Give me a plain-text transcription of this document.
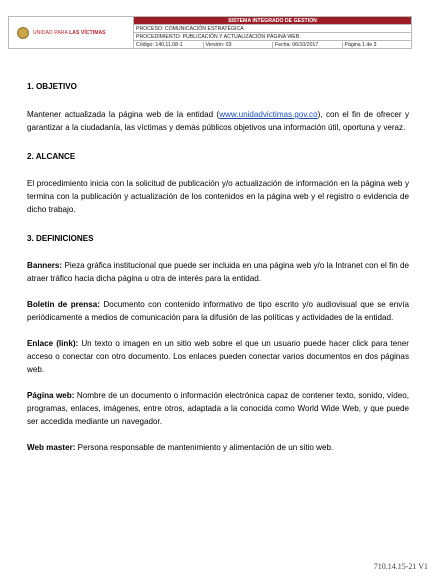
UNIDAD PARA LAS VÍCTIMAS
	SISTEMA INTEGRADO DE GESTION
PROCESO: COMUNICACIÓN ESTRATÉGICA
PROCEDIMIENTO: PUBLICACIÓN Y ACTUALIZACIÓN PÁGINA WEB

Código: 140,11,08-1	Versión: 03	Fecha: 06/10/2017	Página 1 de 3
1. OBJETIVO

Mantener actualizada la página web de la entidad (www.unidadvictimas.gov.co), con el fin de ofrecer y garantizar a la ciudadanía, las víctimas y demás públicos objetivos una información útil, oportuna y veraz.

2. ALCANCE

El procedimiento inicia con la solicitud de publicación y/o actualización de información en la página web y termina con la publicación y actualización de los contenidos en la página web y el registro o evidencia de dicho trabajo.

3. DEFINICIONES

Banners: Pieza gráfica institucional que puede ser incluida en una página web y/o la Intranet con el fin de atraer tráfico hacia dicha página u otra de interés para la entidad.

Boletín de prensa: Documento con contenido informativo de tipo escrito y/o audiovisual que se envía periódicamente a medios de comunicación para la difusión de las políticas y actividades de la entidad.

Enlace (link): Un texto o imagen en un sitio web sobre el que un usuario puede hacer click para tener acceso o conectar con otro documento. Los enlaces pueden conectar varios documentos en dos páginas web.

Página web: Nombre de un documento o información electrónica capaz de contener texto, sonido, vídeo, programas, enlaces, imágenes, entre otros, adaptada a la conocida como World Wide Web, y que puede ser accedida mediante un navegador.

Web master: Persona responsable de mantenimiento y alimentación de un sitio web.

710.14.15-21 V1
